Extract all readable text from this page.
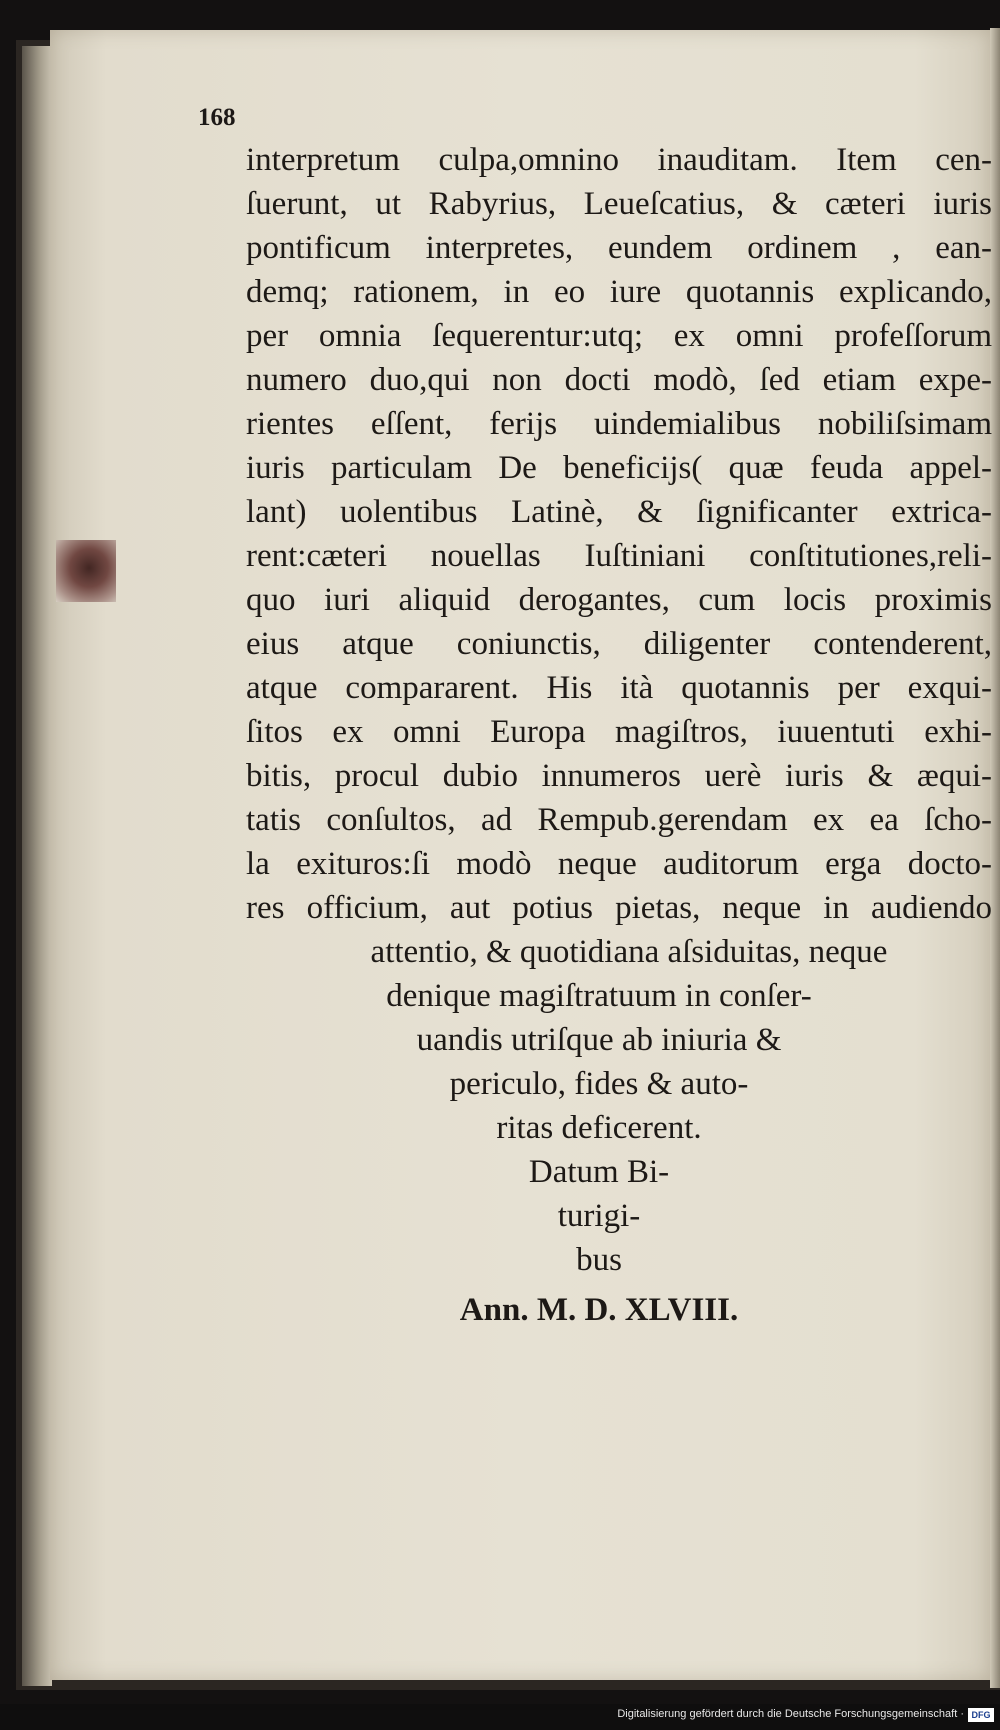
168
interpretum culpa,omnino inauditam. Item cen-
ſuerunt, ut Rabyrius, Leueſcatius, & cæteri iuris
pontificum interpretes, eundem ordinem , ean-
demq; rationem, in eo iure quotannis explicando,
per omnia ſequerentur:utq; ex omni profeſſorum
numero duo,qui non docti modò, ſed etiam expe-
rientes eſſent, ferijs uindemialibus nobiliſsimam
iuris particulam De beneficijs( quæ feuda appel-
lant) uolentibus Latinè, & ſignificanter extrica-
rent:cæteri nouellas Iuſtiniani conſtitutiones,reli-
quo iuri aliquid derogantes, cum locis proximis
eius atque coniunctis, diligenter contenderent,
atque compararent. His ità quotannis per exqui-
ſitos ex omni Europa magiſtros, iuuentuti exhi-
bitis, procul dubio innumeros uerè iuris & æqui-
tatis conſultos, ad Rempub.gerendam ex ea ſcho-
la exituros:ſi modò neque auditorum erga docto-
res officium, aut potius pietas, neque in audiendo
attentio, & quotidiana aſsiduitas, neque
denique magiſtratuum in conſer-
uandis utriſque ab iniuria &
periculo, fides & auto-
ritas deficerent.
Datum Bi-
turigi-
bus
Ann. M. D. XLVIII.
Digitalisierung gefördert durch die Deutsche Forschungsgemeinschaft · DFG
